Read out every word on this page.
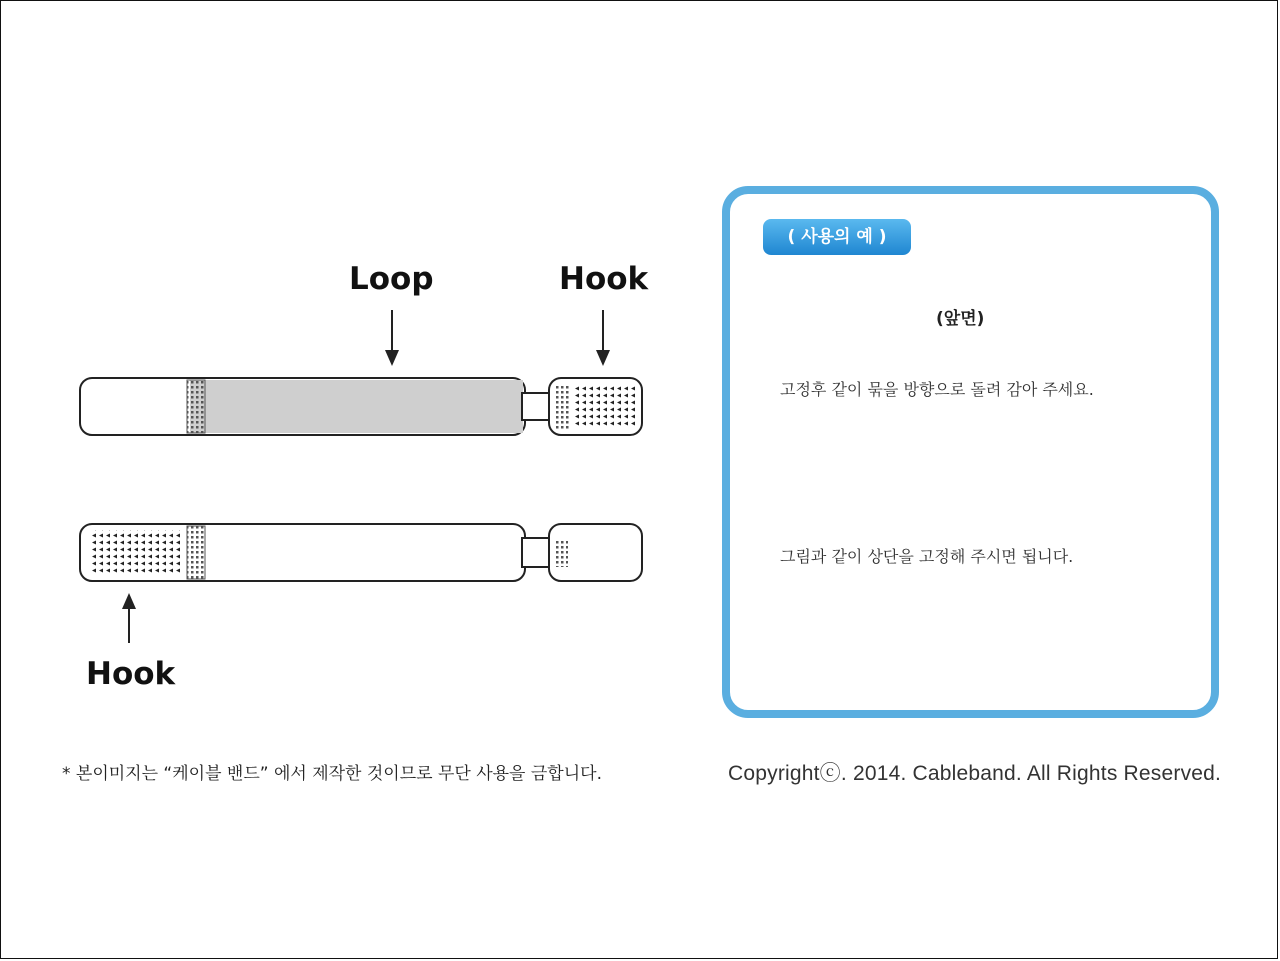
Loop	Hook
Hook
* 본이미지는 “케이블 밴드” 에서 제작한 것이므로 무단 사용을 금합니다.
( 사용의 예 )
(앞면)
고정후 같이 묶을 방향으로 돌려 감아 주세요.
그림과 같이 상단을 고정해 주시면 됩니다.
Copyrightⓒ. 2014. Cableband. All Rights Reserved.
